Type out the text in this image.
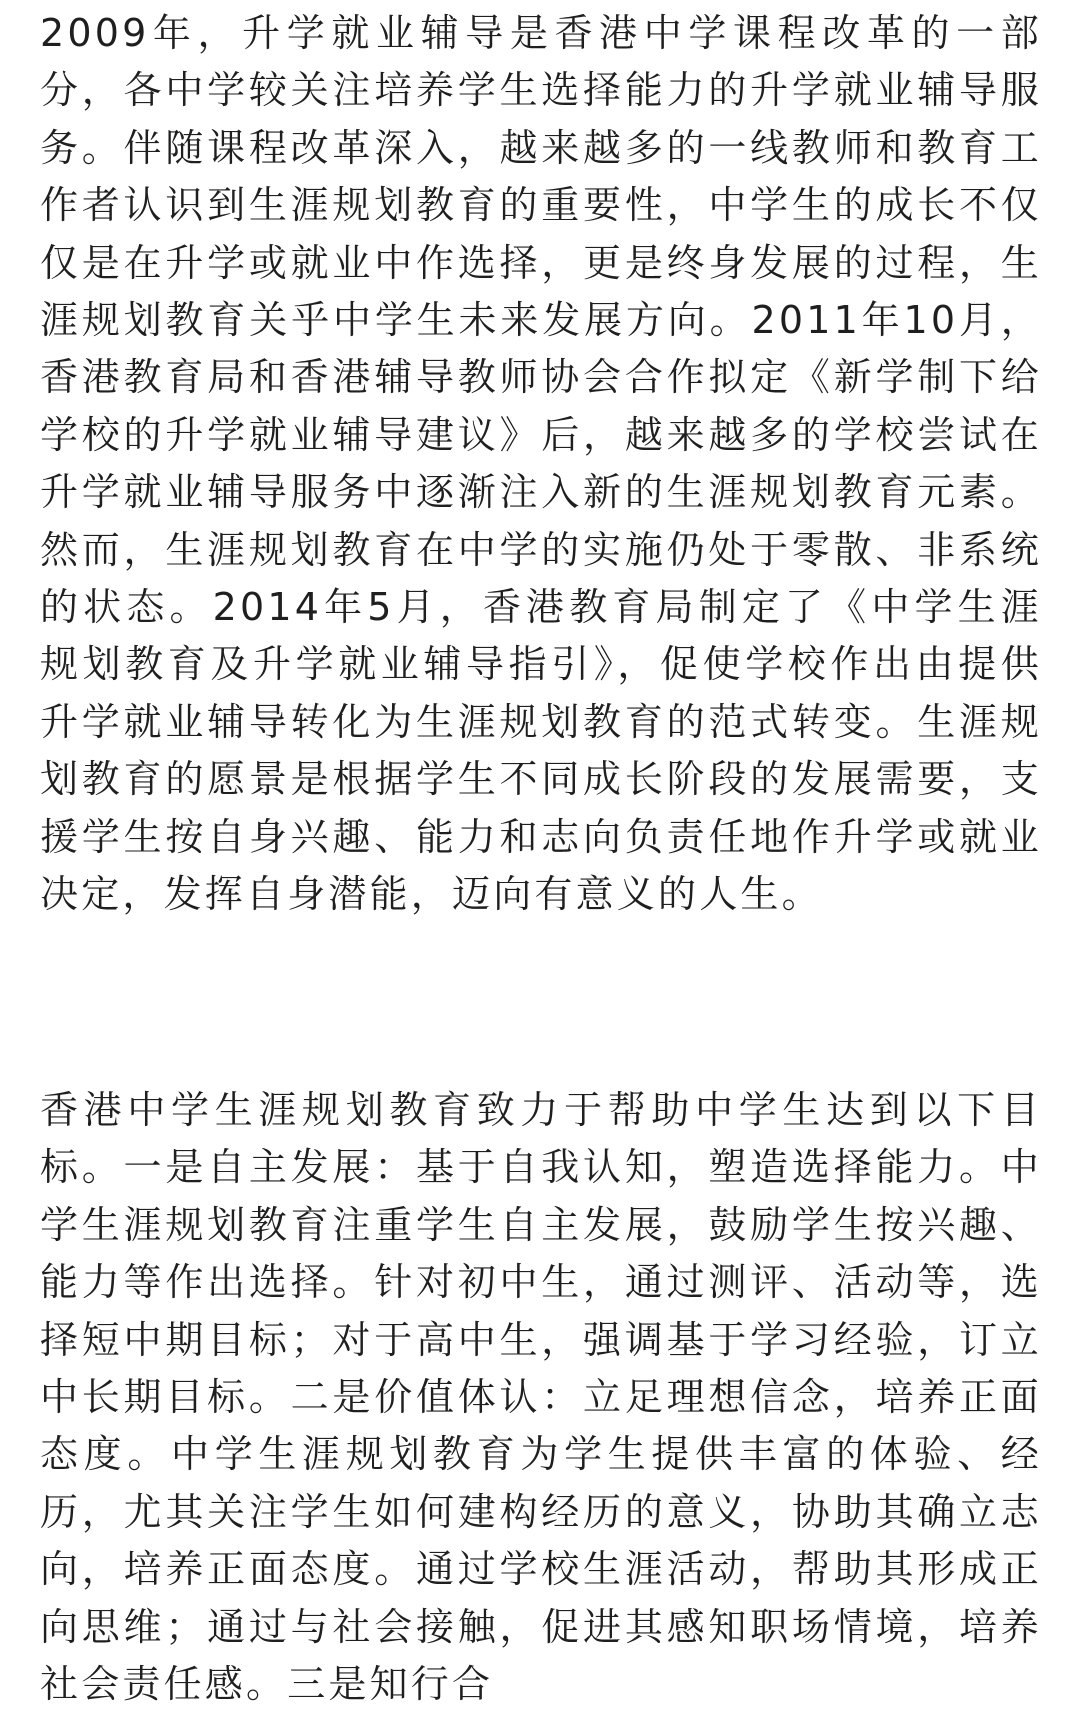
2009年，升学就业辅导是香港中学课程改革的一部分，各中学较关注培养学生选择能力的升学就业辅导服务。伴随课程改革深入，越来越多的一线教师和教育工作者认识到生涯规划教育的重要性，中学生的成长不仅仅是在升学或就业中作选择，更是终身发展的过程，生涯规划教育关乎中学生未来发展方向。2011年10月，香港教育局和香港辅导教师协会合作拟定《新学制下给学校的升学就业辅导建议》后，越来越多的学校尝试在升学就业辅导服务中逐渐注入新的生涯规划教育元素。然而，生涯规划教育在中学的实施仍处于零散、非系统的状态。2014年5月，香港教育局制定了《中学生涯规划教育及升学就业辅导指引》，促使学校作出由提供升学就业辅导转化为生涯规划教育的范式转变。生涯规划教育的愿景是根据学生不同成长阶段的发展需要，支援学生按自身兴趣、能力和志向负责任地作升学或就业决定，发挥自身潜能，迈向有意义的人生。

香港中学生涯规划教育致力于帮助中学生达到以下目标。一是自主发展：基于自我认知，塑造选择能力。中学生涯规划教育注重学生自主发展，鼓励学生按兴趣、能力等作出选择。针对初中生，通过测评、活动等，选择短中期目标；对于高中生，强调基于学习经验，订立中长期目标。二是价值体认：立足理想信念，培养正面态度。中学生涯规划教育为学生提供丰富的体验、经历，尤其关注学生如何建构经历的意义，协助其确立志向，培养正面态度。通过学校生涯活动，帮助其形成正向思维；通过与社会接触，促进其感知职场情境，培养社会责任感。三是知行合
